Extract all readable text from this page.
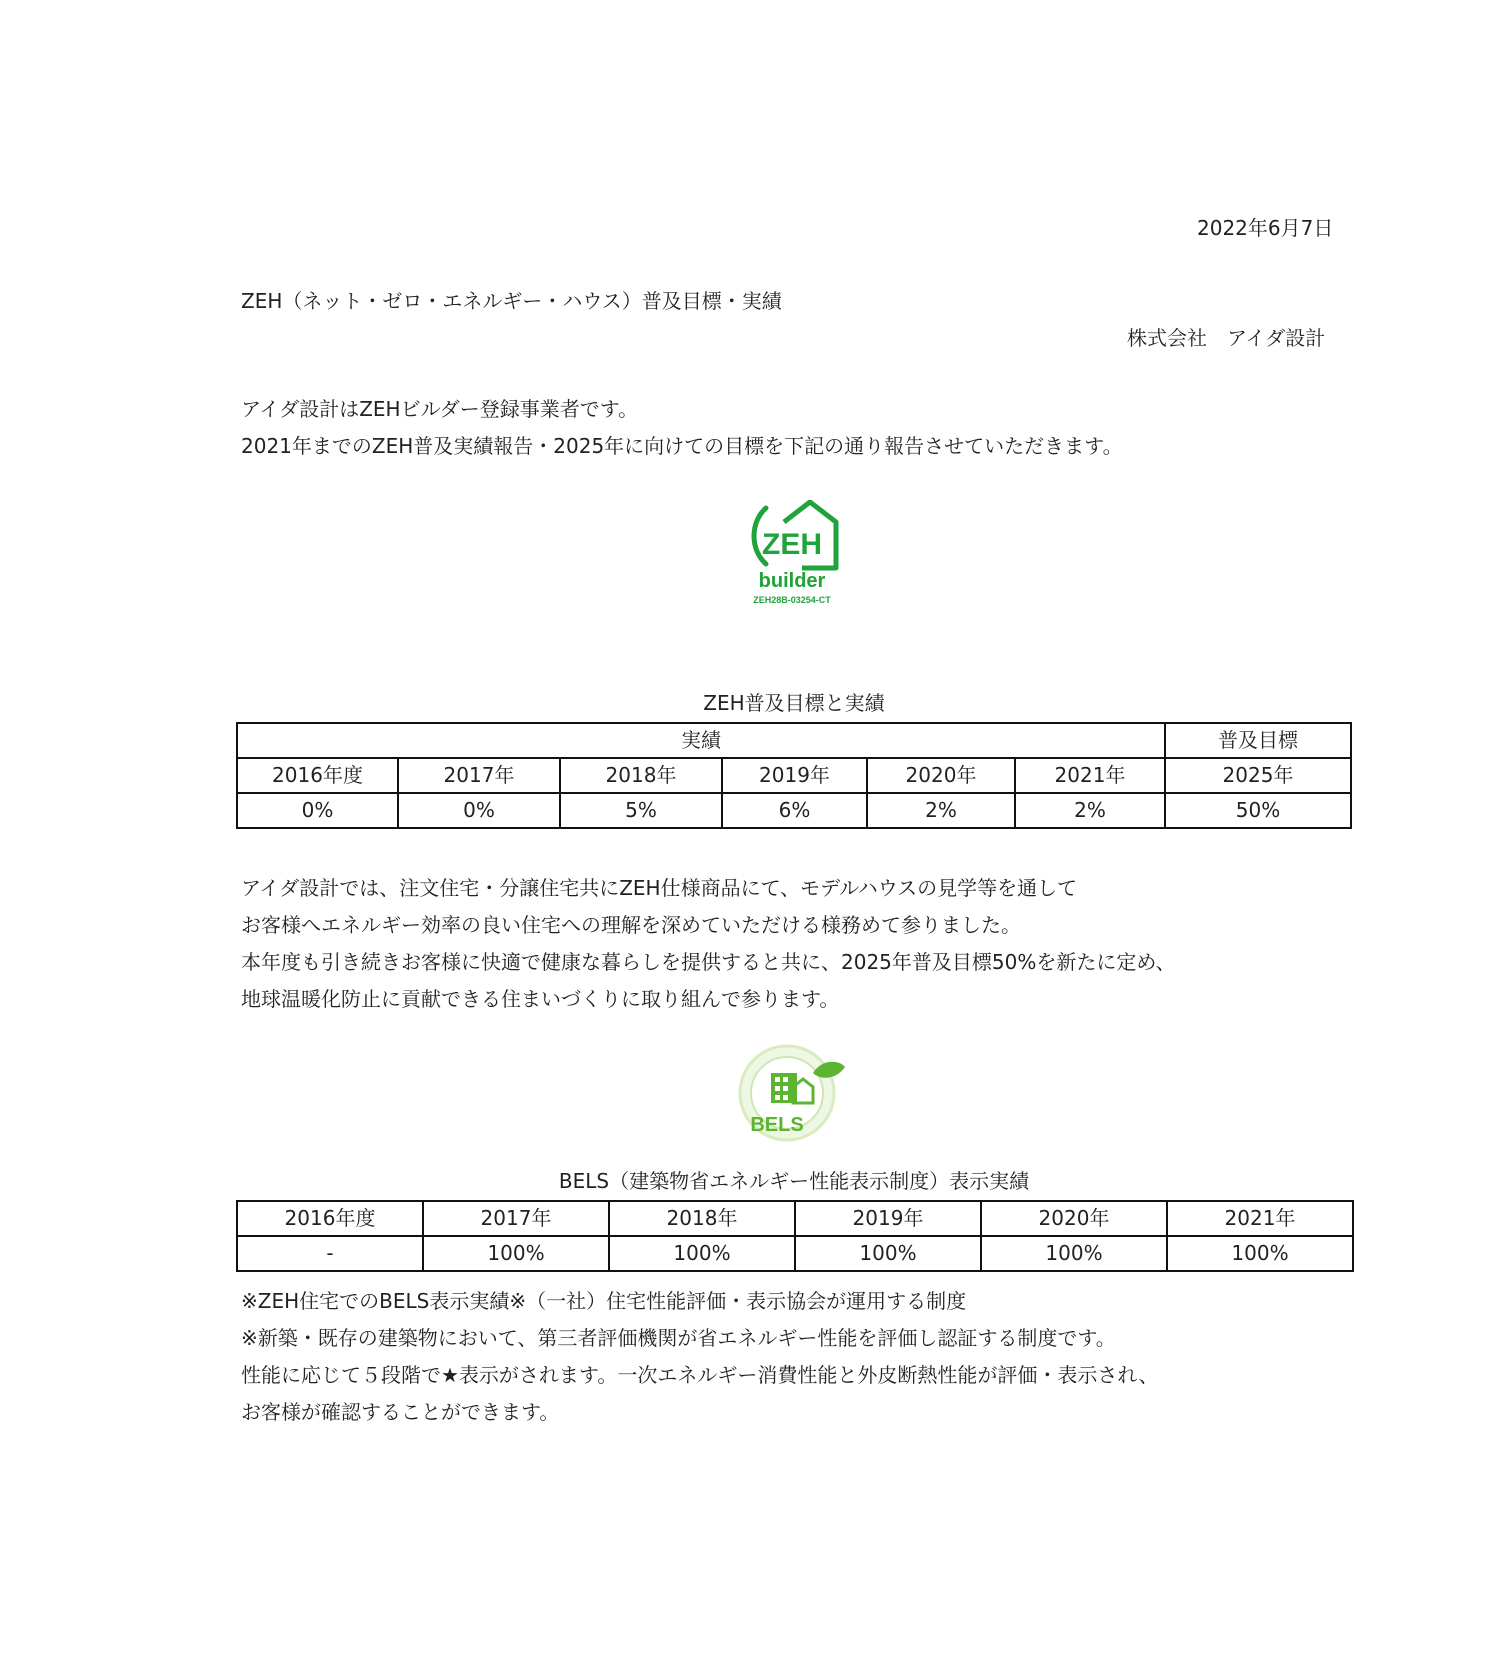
2022年6月7日
ZEH（ネット・ゼロ・エネルギー・ハウス）普及目標・実績
株式会社　アイダ設計
アイダ設計はZEHビルダー登録事業者です。
2021年までのZEH普及実績報告・2025年に向けての目標を下記の通り報告させていただきます。
ZEH
builder
ZEH28B-03254-CT
ZEH普及目標と実績
実績						普及目標
2016年度	2017年	2018年	2019年	2020年	2021年	2025年
0%	0%	5%	6%	2%	2%	50%
アイダ設計では、注文住宅・分譲住宅共にZEH仕様商品にて、モデルハウスの見学等を通して
お客様へエネルギー効率の良い住宅への理解を深めていただける様務めて参りました。
本年度も引き続きお客様に快適で健康な暮らしを提供すると共に、2025年普及目標50%を新たに定め、
地球温暖化防止に貢献できる住まいづくりに取り組んで参ります。
BELS
BELS（建築物省エネルギー性能表示制度）表示実績
2016年度	2017年	2018年	2019年	2020年	2021年
-	100%	100%	100%	100%	100%
※ZEH住宅でのBELS表示実績※（一社）住宅性能評価・表示協会が運用する制度
※新築・既存の建築物において、第三者評価機関が省エネルギー性能を評価し認証する制度です。
性能に応じて５段階で★表示がされます。一次エネルギー消費性能と外皮断熱性能が評価・表示され、
お客様が確認することができます。
